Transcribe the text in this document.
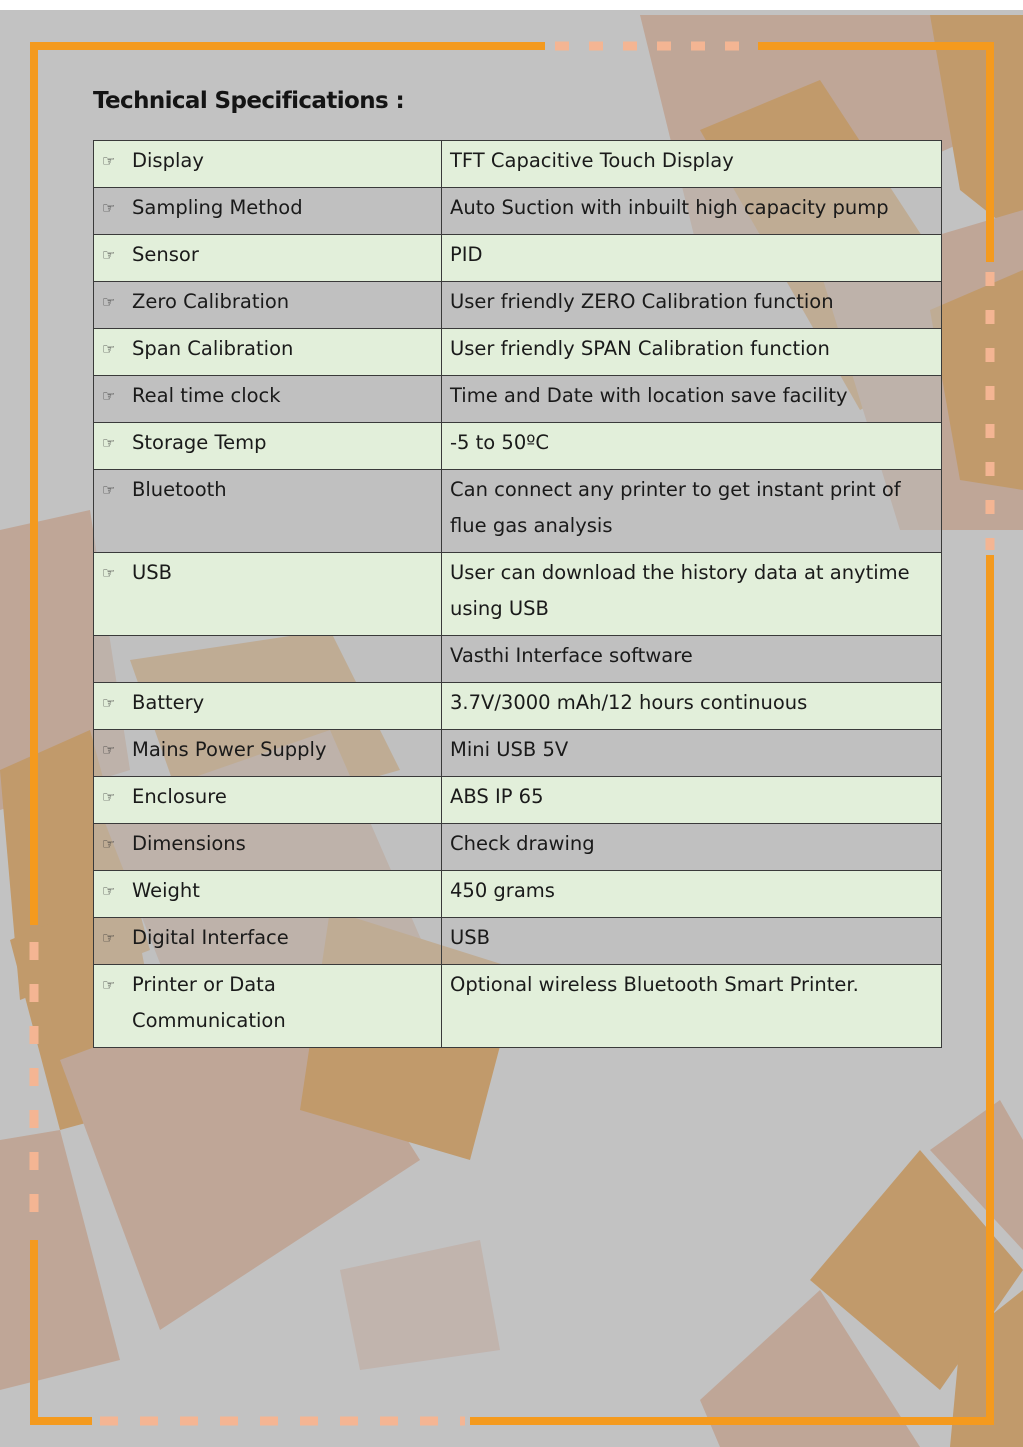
Technical Specifications :
☞ Display	TFT Capacitive Touch Display
☞ Sampling Method	Auto Suction with inbuilt high capacity pump
☞ Sensor	PID
☞ Zero Calibration	User friendly ZERO Calibration function
☞ Span Calibration	User friendly SPAN Calibration function
☞ Real time clock	Time and Date with location save facility
☞ Storage Temp	-5 to 50ºC
☞ Bluetooth	Can connect any printer to get instant print of flue gas analysis
☞ USB	User can download the history data at anytime using USB
	Vasthi Interface software
☞ Battery	3.7V/3000 mAh/12 hours continuous
☞ Mains Power Supply	Mini USB 5V
☞ Enclosure	ABS IP 65
☞ Dimensions	Check drawing
☞ Weight	450 grams
☞ Digital Interface	USB
☞ Printer or Data Communication	Optional wireless Bluetooth Smart Printer.
